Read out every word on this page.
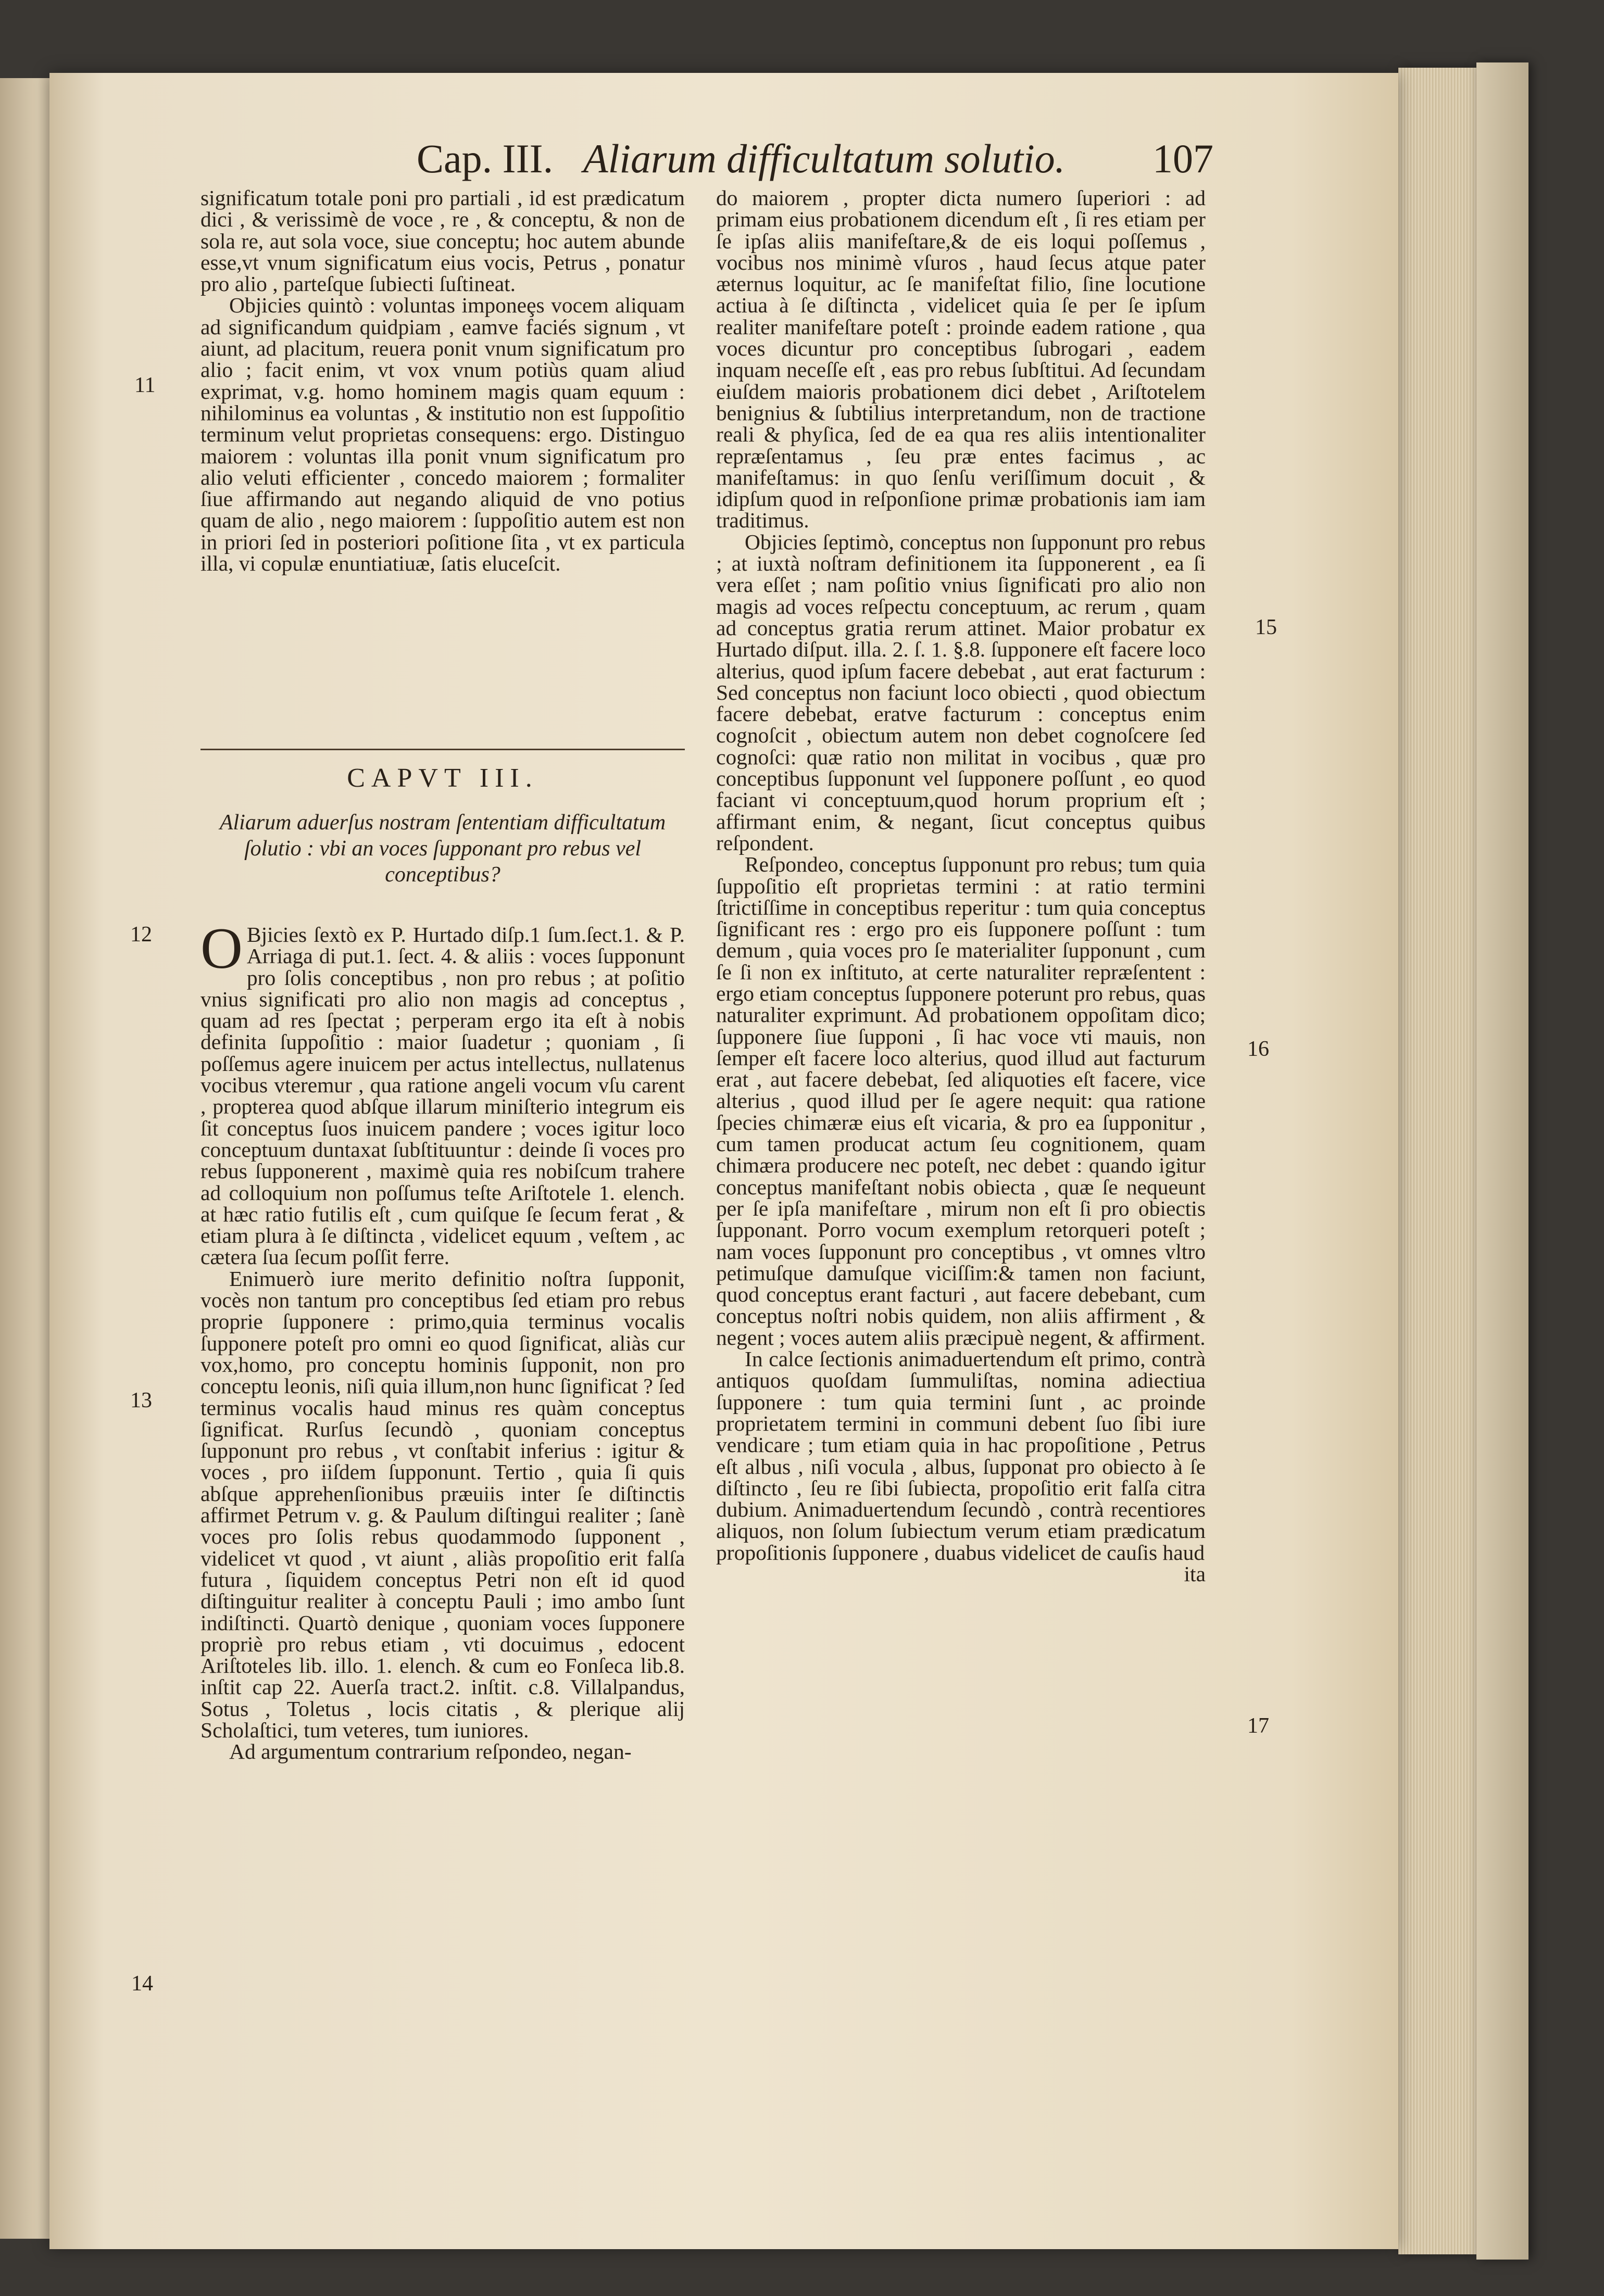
Cap. III. Aliarum difficultatum solutio. 107

significatum totale poni pro partiali , id est prædicatum dici , & verissimè de voce , re , & conceptu, & non de sola re, aut sola voce, siue conceptu; hoc autem abunde esse,vt vnum significatum eius vocis, Petrus , ponatur pro alio , parteſque ſubiecti ſuſtineat.

Objicies quintò : voluntas imponeȩs vocem aliquam ad significandum quidpiam , eamve faciés signum , vt aiunt, ad placitum, reuera ponit vnum significatum pro alio ; facit enim, vt vox vnum potiùs quam aliud exprimat, v.g. homo hominem magis quam equum : nihilominus ea voluntas , & institutio non est ſuppoſitio terminum velut proprietas consequens: ergo. Distinguo maiorem : voluntas illa ponit vnum significatum pro alio veluti efficienter , concedo maiorem ; formaliter ſiue affirmando aut negando aliquid de vno potius quam de alio , nego maiorem : ſuppoſitio autem est non in priori ſed in posteriori poſitione ſita , vt ex particula illa, vi copulæ enuntiatiuæ, ſatis eluceſcit.

CAPVT III.
Aliarum aduerſus nostram ſententiam difficultatum ſolutio : vbi an voces ſupponant pro rebus vel conceptibus?

O Bjicies ſextò ex P. Hurtado diſp.1 ſum.ſect.1. & P. Arriaga di put.1. ſect. 4. & aliis : voces ſupponunt pro ſolis conceptibus , non pro rebus ; at poſitio vnius significati pro alio non magis ad conceptus , quam ad res ſpectat ; perperam ergo ita eſt à nobis definita ſuppoſitio : maior ſuadetur ; quoniam , ſi poſſemus agere inuicem per actus intellectus, nullatenus vocibus vteremur , qua ratione angeli vocum vſu carent , propterea quod abſque illarum miniſterio integrum eis ſit conceptus ſuos inuicem pandere ; voces igitur loco conceptuum duntaxat ſubſtituuntur : deinde ſi voces pro rebus ſupponerent , maximè quia res nobiſcum trahere ad colloquium non poſſumus teſte Ariſtotele 1. elench. at hæc ratio futilis eſt , cum quiſque ſe ſecum ferat , & etiam plura à ſe diſtincta , videlicet equum , veſtem , ac cætera ſua ſecum poſſit ferre.

Enimuerò iure merito definitio noſtra ſupponit, vocès non tantum pro conceptibus ſed etiam pro rebus proprie ſupponere : primo,quia terminus vocalis ſupponere poteſt pro omni eo quod ſignificat, aliàs cur vox,homo, pro conceptu hominis ſupponit, non pro conceptu leonis, niſi quia illum,non hunc ſignificat ? ſed terminus vocalis haud minus res quàm conceptus ſignificat. Rurſus ſecundò , quoniam conceptus ſupponunt pro rebus , vt conſtabit inferius : igitur & voces , pro iiſdem ſupponunt. Tertio , quia ſi quis abſque apprehenſionibus præuiis inter ſe diſtinctis affirmet Petrum v. g. & Paulum diſtingui realiter ; ſanè voces pro ſolis rebus quodammodo ſupponent , videlicet vt quod , vt aiunt , aliàs propoſitio erit falſa futura , ſiquidem conceptus Petri non eſt id quod diſtinguitur realiter à conceptu Pauli ; imo ambo ſunt indiſtincti. Quartò denique , quoniam voces ſupponere propriè pro rebus etiam , vti docuimus , edocent Ariſtoteles lib. illo. 1. elench. & cum eo Fonſeca lib.8. inſtit cap 22. Auerſa tract.2. inſtit. c.8. Villalpandus, Sotus , Toletus , locis citatis , & plerique alij Scholaſtici, tum veteres, tum iuniores.

Ad argumentum contrarium reſpondeo, negan-

do maiorem , propter dicta numero ſuperiori : ad primam eius probationem dicendum eſt , ſi res etiam per ſe ipſas aliis manifeſtare,& de eis loqui poſſemus , vocibus nos minimè vſuros , haud ſecus atque pater æternus loquitur, ac ſe manifeſtat filio, ſine locutione actiua à ſe diſtincta , videlicet quia ſe per ſe ipſum realiter manifeſtare poteſt : proinde eadem ratione , qua voces dicuntur pro conceptibus ſubrogari , eadem inquam neceſſe eſt , eas pro rebus ſubſtitui. Ad ſecundam eiuſdem maioris probationem dici debet , Ariſtotelem benignius & ſubtilius interpretandum, non de tractione reali & phyſica, ſed de ea qua res aliis intentionaliter repræſentamus , ſeu præ entes facimus , ac manifeſtamus: in quo ſenſu veriſſimum docuit , & idipſum quod in reſponſione primæ probationis iam iam traditimus.

Objicies ſeptimò, conceptus non ſupponunt pro rebus ; at iuxtà noſtram definitionem ita ſupponerent , ea ſi vera eſſet ; nam poſitio vnius ſignificati pro alio non magis ad voces reſpectu conceptuum, ac rerum , quam ad conceptus gratia rerum attinet. Maior probatur ex Hurtado diſput. illa. 2. ſ. 1. §.8. ſupponere eſt facere loco alterius, quod ipſum facere debebat , aut erat facturum : Sed conceptus non faciunt loco obiecti , quod obiectum facere debebat, eratve facturum : conceptus enim cognoſcit , obiectum autem non debet cognoſcere ſed cognoſci: quæ ratio non militat in vocibus , quæ pro conceptibus ſupponunt vel ſupponere poſſunt , eo quod faciant vi conceptuum,quod horum proprium eſt ; affirmant enim, & negant, ſicut conceptus quibus reſpondent.

Reſpondeo, conceptus ſupponunt pro rebus; tum quia ſuppoſitio eſt proprietas termini : at ratio termini ſtrictiſſime in conceptibus reperitur : tum quia conceptus ſignificant res : ergo pro eis ſupponere poſſunt : tum demum , quia voces pro ſe materialiter ſupponunt , cum ſe ſi non ex inſtituto, at certe naturaliter repræſentent : ergo etiam conceptus ſupponere poterunt pro rebus, quas naturaliter exprimunt. Ad probationem oppoſitam dico; ſupponere ſiue ſupponi , ſi hac voce vti mauis, non ſemper eſt facere loco alterius, quod illud aut facturum erat , aut facere debebat, ſed aliquoties eſt facere, vice alterius , quod illud per ſe agere nequit: qua ratione ſpecies chimæræ eius eſt vicaria, & pro ea ſupponitur , cum tamen producat actum ſeu cognitionem, quam chimæra producere nec poteſt, nec debet : quando igitur conceptus manifeſtant nobis obiecta , quæ ſe nequeunt per ſe ipſa manifeſtare , mirum non eſt ſi pro obiectis ſupponant. Porro vocum exemplum retorqueri poteſt ; nam voces ſupponunt pro conceptibus , vt omnes vltro petimuſque damuſque viciſſim:& tamen non faciunt, quod conceptus erant facturi , aut facere debebant, cum conceptus noſtri nobis quidem, non aliis affirment , & negent ; voces autem aliis præcipuè negent, & affirment.

In calce ſectionis animaduertendum eſt primo, contrà antiquos quoſdam ſummuliſtas, nomina adiectiua ſupponere : tum quia termini ſunt , ac proinde proprietatem termini in communi debent ſuo ſibi iure vendicare ; tum etiam quia in hac propoſitione , Petrus eſt albus , niſi vocula , albus, ſupponat pro obiecto à ſe diſtincto , ſeu re ſibi ſubiecta, propoſitio erit falſa citra dubium. Animaduertendum ſecundò , contrà recentiores aliquos, non ſolum ſubiectum verum etiam prædicatum propoſitionis ſupponere , duabus videlicet de cauſis haud

ita

11
12
13
14
15
16
17
